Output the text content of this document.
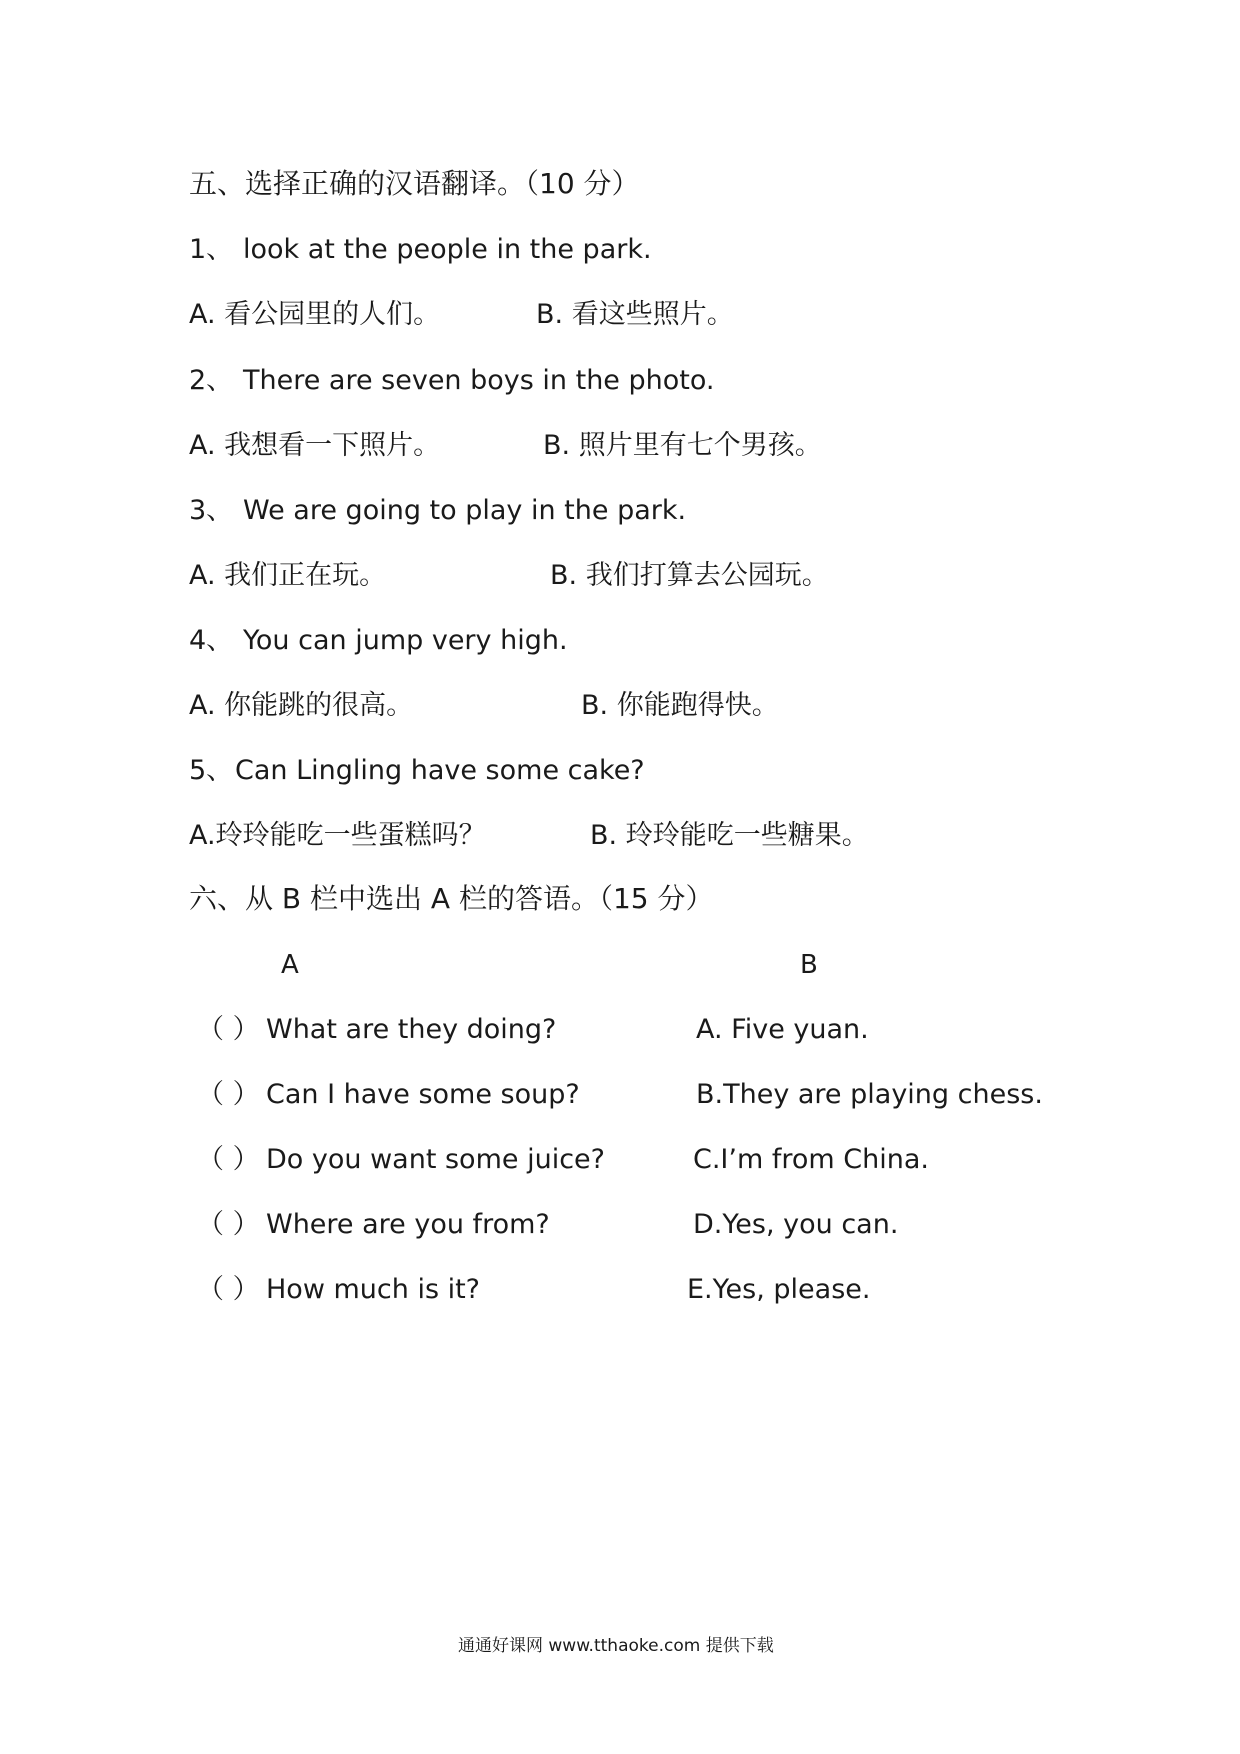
五、选择正确的汉语翻译。（10 分）
1、 look at the people in the park.
A. 看公园里的人们。	B. 看这些照片。
2、 There are seven boys in the photo.
A. 我想看一下照片。	B. 照片里有七个男孩。
3、 We are going to play in the park.
A. 我们正在玩。	B. 我们打算去公园玩。
4、 You can jump very high.
A. 你能跳的很高。	B. 你能跑得快。
5、 Can Lingling have some cake?
A.玲玲能吃一些蛋糕吗？	B. 玲玲能吃一些糖果。
六、从 B 栏中选出 A 栏的答语。（15 分）
A	B
（ ） What are they doing?	A. Five yuan.
（ ） Can I have some soup?	B.They are playing chess.
（ ） Do you want some juice?	C.I’m from China.
（ ） Where are you from?	D.Yes, you can.
（ ） How much is it?	E.Yes, please.
通通好课网 www.tthaoke.com 提供下载
